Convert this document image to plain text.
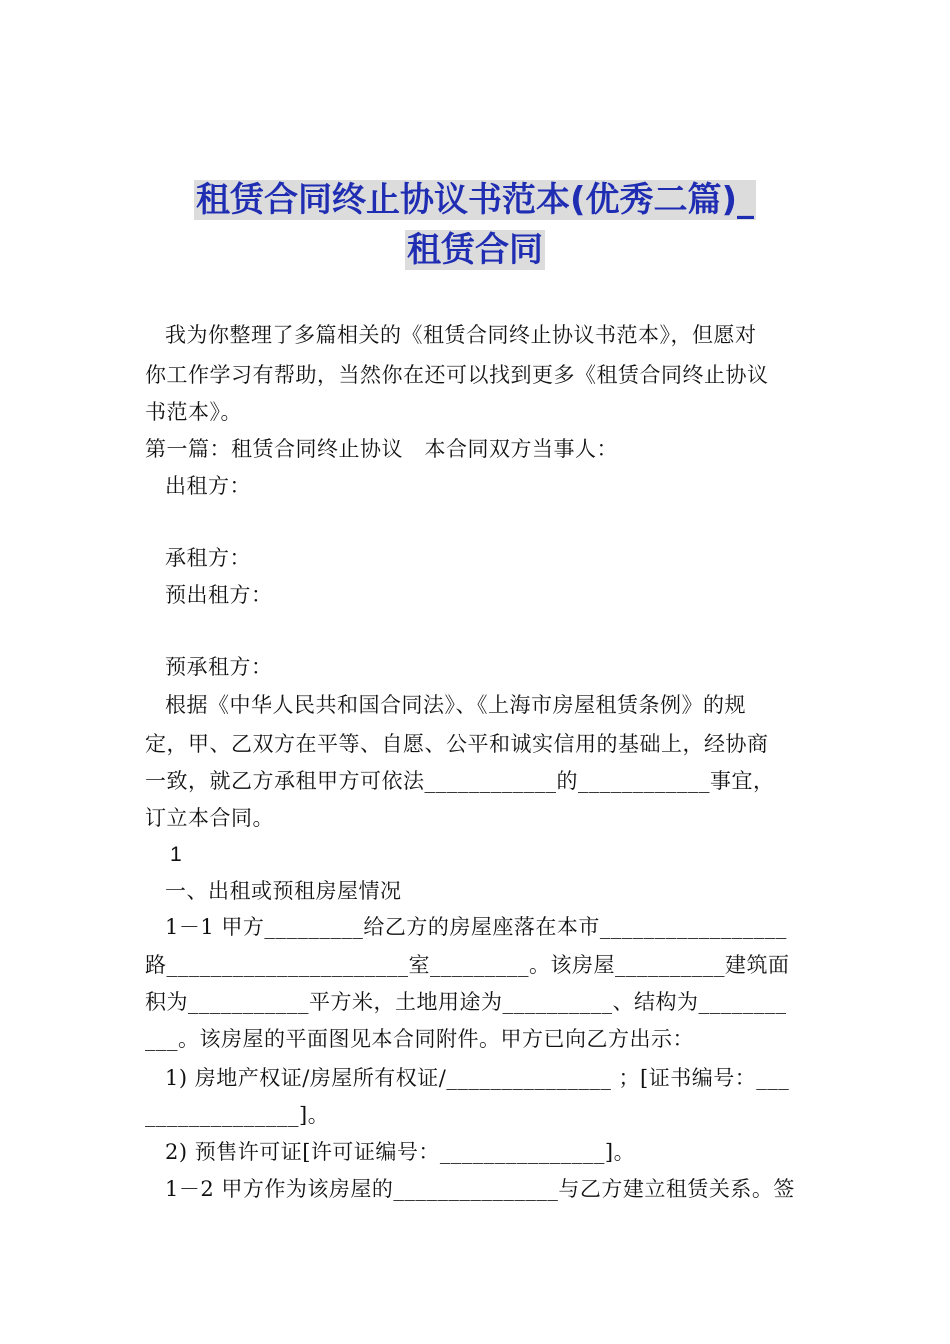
租赁合同终止协议书范本(优秀二篇)_
租赁合同
我为你整理了多篇相关的《租赁合同终止协议书范本》，但愿对
你工作学习有帮助，当然你在还可以找到更多《租赁合同终止协议
书范本》。
第一篇：租赁合同终止协议　本合同双方当事人：
出租方：
承租方：
预出租方：
预承租方：
根据《中华人民共和国合同法》、《上海市房屋租赁条例》的规
定，甲、乙双方在平等、自愿、公平和诚实信用的基础上，经协商
一致，就乙方承租甲方可依法____________的____________事宜，
订立本合同。
1
一、出租或预租房屋情况
1－1 甲方_________给乙方的房屋座落在本市_________________
路______________________室_________。该房屋__________建筑面
积为___________平方米，土地用途为__________、结构为________
___。该房屋的平面图见本合同附件。甲方已向乙方出示：
1) 房地产权证/房屋所有权证/_______________ ；[证书编号：___
______________]。
2) 预售许可证[许可证编号：_______________]。
1－2 甲方作为该房屋的_______________与乙方建立租赁关系。签
